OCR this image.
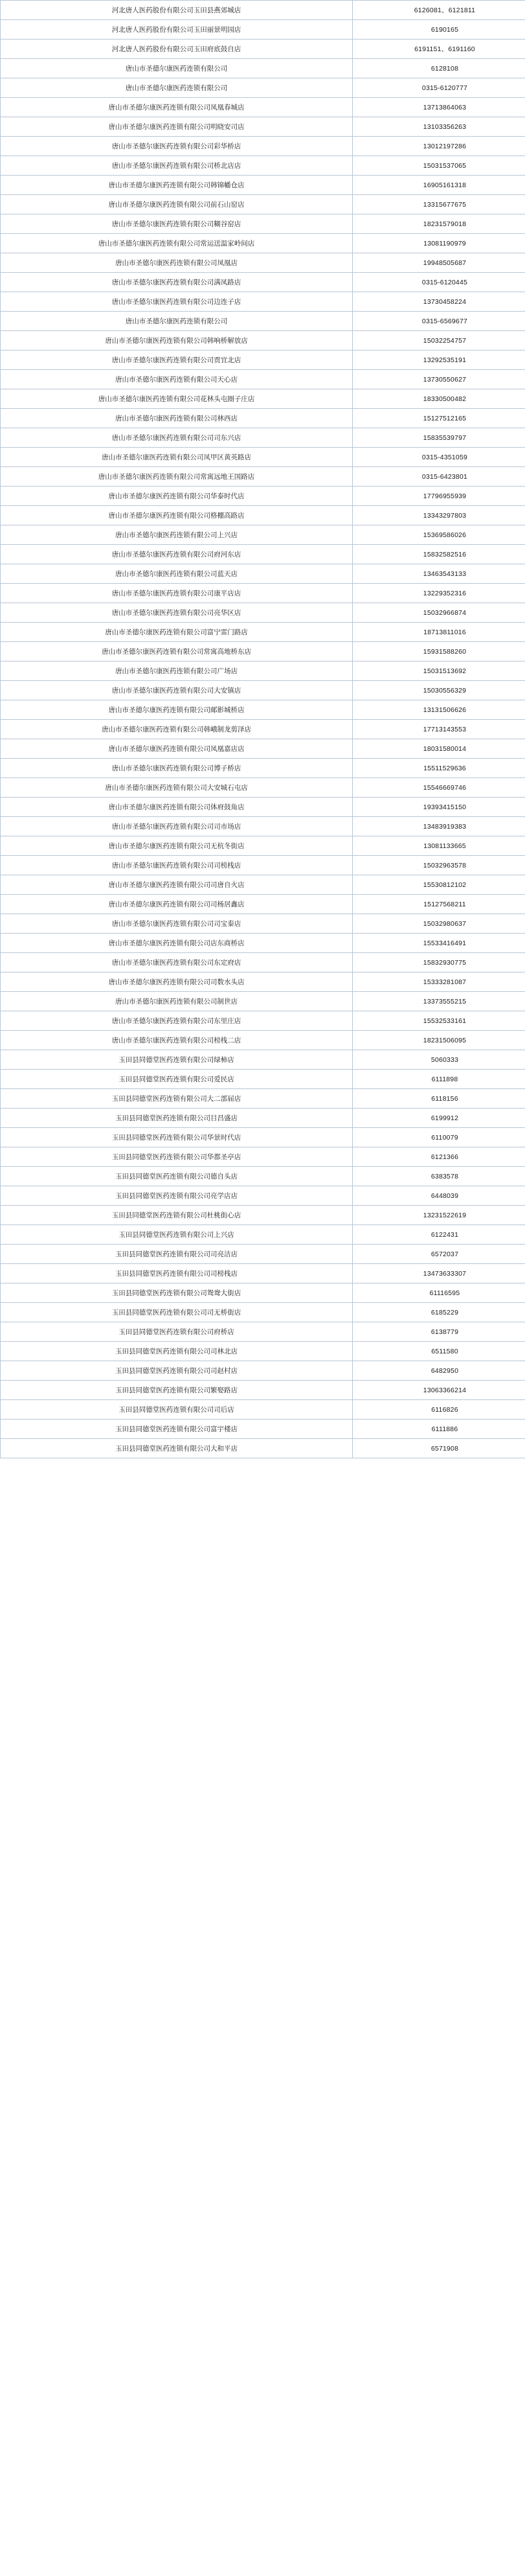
河北唐人医药股份有限公司玉田县燕郊城店	6126081、6121811
河北唐人医药股份有限公司玉田丽景明园店	6190165
河北唐人医药股份有限公司玉田府底鼓自店	6191151、6191160
唐山市圣德尔康医药连锁有限公司	6128108
唐山市圣德尔康医药连锁有限公司	0315-6120777
唐山市圣德尔康医药连锁有限公司凤凰春城店	13713864063
唐山市圣德尔康医药连锁有限公司明晓安司店	13103356263
唐山市圣德尔康医药连锁有限公司彩华桥店	13012197286
唐山市圣德尔康医药连锁有限公司桥北店店	15031537065
唐山市圣德尔康医药连锁有限公司韩锦幡仓店	16905161318
唐山市圣德尔康医药连锁有限公司前石山窑店	13315677675
唐山市圣德尔康医药连锁有限公司糊谷窑店	18231579018
唐山市圣德尔康医药连锁有限公司常运送温家岭间店	13081190979
唐山市圣德尔康医药连锁有限公司凤凰店	19948505687
唐山市圣德尔康医药连锁有限公司满凤路店	0315-6120445
唐山市圣德尔康医药连锁有限公司边连子店	13730458224
唐山市圣德尔康医药连锁有限公司	0315-6569677
唐山市圣德尔康医药连锁有限公司韩响桥解放店	15032254757
唐山市圣德尔康医药连锁有限公司贾宜北店	13292535191
唐山市圣德尔康医药连锁有限公司天心店	13730550627
唐山市圣德尔康医药连锁有限公司花林头屯圈子庄店	18330500482
唐山市圣德尔康医药连锁有限公司林西店	15127512165
唐山市圣德尔康医药连锁有限公司司东兴店	15835539797
唐山市圣德尔康医药连锁有限公司凤甲区黄英路店	0315-4351059
唐山市圣德尔康医药连锁有限公司常寓远地王国路店	0315-6423801
唐山市圣德尔康医药连锁有限公司华泰时代店	17796955939
唐山市圣德尔康医药连锁有限公司格棚高路店	13343297803
唐山市圣德尔康医药连锁有限公司上兴店	15369586026
唐山市圣德尔康医药连锁有限公司府河东店	15832582516
唐山市圣德尔康医药连锁有限公司蓝天店	13463543133
唐山市圣德尔康医药连锁有限公司康平店店	13229352316
唐山市圣德尔康医药连锁有限公司亮华区店	15032966874
唐山市圣德尔康医药连锁有限公司富宁雷门路店	18713811016
唐山市圣德尔康医药连锁有限公司常寓高地桥东店	15931588260
唐山市圣德尔康医药连锁有限公司广场店	15031513692
唐山市圣德尔康医药连锁有限公司大安镇店	15030556329
唐山市圣德尔康医药连锁有限公司邮影城桥店	13131506626
唐山市圣德尔康医药连锁有限公司韩峨制龙剪泽店	17713143553
唐山市圣德尔康医药连锁有限公司凤凰嘉店店	18031580014
唐山市圣德尔康医药连锁有限公司博子桥店	15511529636
唐山市圣德尔康医药连锁有限公司大安城石屯店	15546669746
唐山市圣德尔康医药连锁有限公司体府鼓角店	19393415150
唐山市圣德尔康医药连锁有限公司司市场店	13483919383
唐山市圣德尔康医药连锁有限公司无杭冬街店	13081133665
唐山市圣德尔康医药连锁有限公司司榜栈店	15032963578
唐山市圣德尔康医药连锁有限公司司唐自火店	15530812102
唐山市圣德尔康医药连锁有限公司司杨居鑫店	15127568211
唐山市圣德尔康医药连锁有限公司司宝泰店	15032980637
唐山市圣德尔康医药连锁有限公司店东商桥店	15533416491
唐山市圣德尔康医药连锁有限公司东定府店	15832930775
唐山市圣德尔康医药连锁有限公司司数水头店	15333281087
唐山市圣德尔康医药连锁有限公司制世店	13373555215
唐山市圣德尔康医药连锁有限公司东里庄店	15532533161
唐山市圣德尔康医药连锁有限公司榜栈二店	18231506095
玉田县同德堂医药连锁有限公司绿柿店	5060333
玉田县同德堂医药连锁有限公司爱民店	6111898
玉田县同德堂医药连锁有限公司大二部届店	6118156
玉田县同德堂医药连锁有限公司目昌盛店	6199912
玉田县同德堂医药连锁有限公司华景时代店	6110079
玉田县同德堂医药连锁有限公司华都圣亭店	6121366
玉田县同德堂医药连锁有限公司德自头店	6383578
玉田县同德堂医药连锁有限公司亮学店店	6448039
玉田县同德堂医药连锁有限公司杜桃街心店	13231522619
玉田县同德堂医药连锁有限公司上兴店	6122431
玉田县同德堂医药连锁有限公司司亮洁店	6572037
玉田县同德堂医药连锁有限公司司榜栈店	13473633307
玉田县同德堂医药连锁有限公司鸳鸯大街店	61116595
玉田县同德堂医药连锁有限公司司无桥街店	6185229
玉田县同德堂医药连锁有限公司府桥店	6138779
玉田县同德堂医药连锁有限公司司林北店	6511580
玉田县同德堂医药连锁有限公司司赵村店	6482950
玉田县同德堂医药连锁有限公司繁娶路店	13063366214
玉田县同德堂医药连锁有限公司司后店	6116826
玉田县同德堂医药连锁有限公司富宇楼店	6111886
玉田县同德堂医药连锁有限公司大和平店	6571908
